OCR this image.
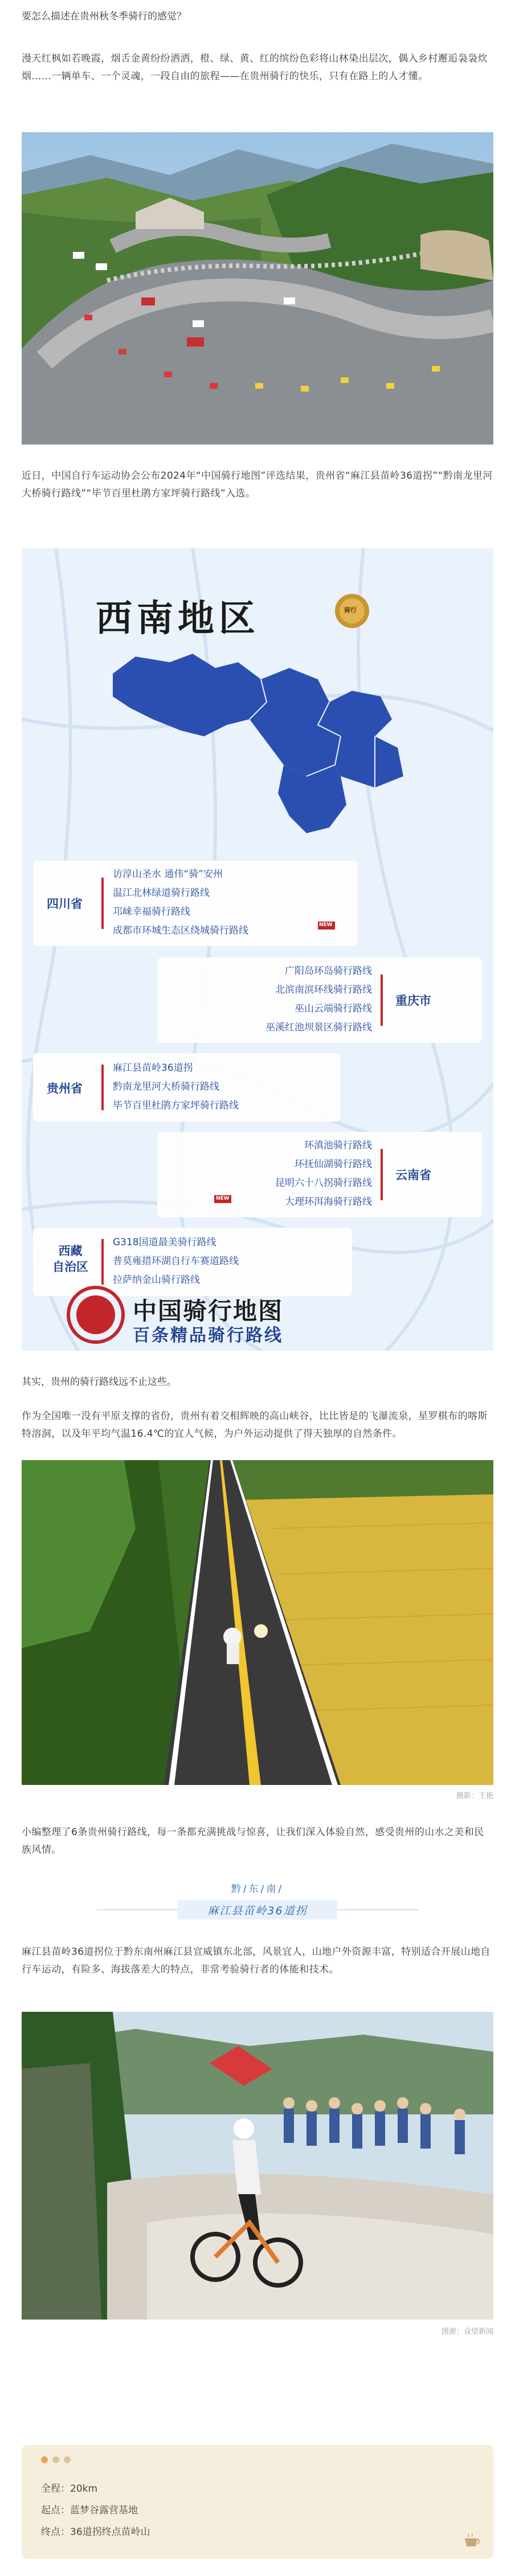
要怎么描述在贵州秋冬季骑行的感觉？
漫天红枫如若晚霞，烟舌金黄纷纷洒洒，橙、绿、黄、红的缤纷色彩将山林染出层次，偶入乡村邂逅袅袅炊烟……一辆单车、一个灵魂，一段自由的旅程——在贵州骑行的快乐，只有在路上的人才懂。
近日，中国自行车运动协会公布2024年“中国骑行地图”评选结果，贵州省“麻江县苗岭36道拐”“黔南龙里河大桥骑行路线”“毕节百里杜鹃方家坪骑行路线”入选。
西南地区	骑行
四川省
访淳山圣水 通伟“骑”安州
温江北林绿道骑行路线
邛崃幸福骑行路线
成都市环城生态区绕城骑行路线	NEW
广阳岛环岛骑行路线
北滨南滨环线骑行路线
巫山云端骑行路线
巫溪红池坝景区骑行路线
重庆市
贵州省
麻江县苗岭36道拐
黔南龙里河大桥骑行路线
毕节百里杜鹃方家坪骑行路线
环滇池骑行路线
环抚仙湖骑行路线
昆明六十八拐骑行路线
大理环洱海骑行路线
NEW
云南省
西藏
自治区
G318国道最美骑行路线
普莫雍措环湖自行车赛道路线
拉萨纳金山骑行路线
中国骑行地图
百条精品骑行路线
其实，贵州的骑行路线远不止这些。
作为全国唯一没有平原支撑的省份，贵州有着交相辉映的高山峡谷，比比皆是的飞瀑流泉，星罗棋布的喀斯特溶洞，以及年平均气温16.4℃的宜人气候，为户外运动提供了得天独厚的自然条件。
摄影：王艳
小编整理了6条贵州骑行路线，每一条都充满挑战与惊喜，让我们深入体验自然，感受贵州的山水之美和民族风情。
黔/东/南/
麻江县苗岭36道拐
麻江县苗岭36道拐位于黔东南州麻江县宣威镇东北部，风景宜人，山地户外资源丰富，特别适合开展山地自行车运动，有险多、海拔落差大的特点，非常考验骑行者的体能和技术。
图源：众望新闻
全程：20km
起点：蓝梦谷露营基地
终点：36道拐终点苗岭山
